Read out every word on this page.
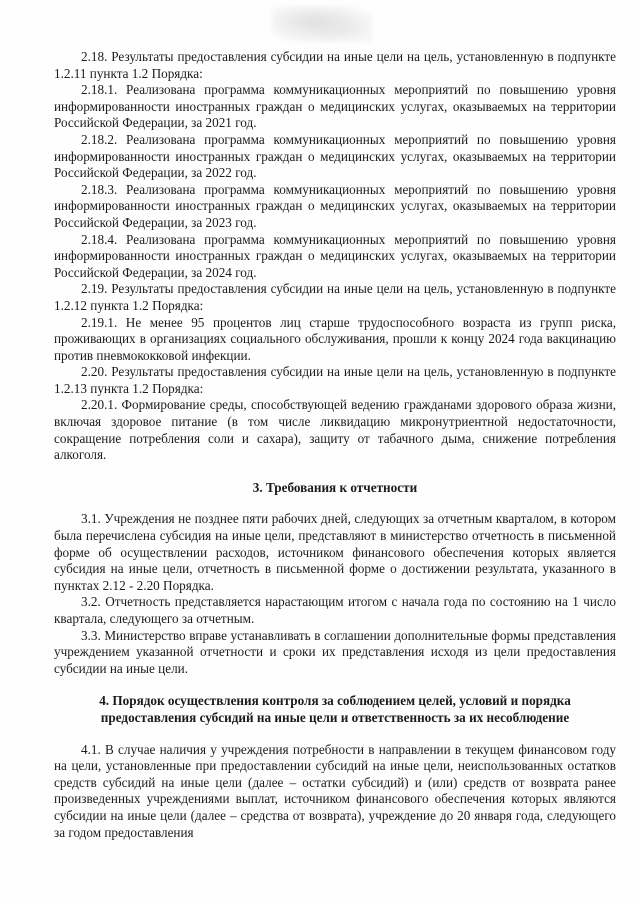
2.18. Результаты предоставления субсидии на иные цели на цель, установленную в подпункте 1.2.11 пункта 1.2 Порядка:

2.18.1. Реализована программа коммуникационных мероприятий по повышению уровня информированности иностранных граждан о медицинских услугах, оказываемых на территории Российской Федерации, за 2021 год.

2.18.2. Реализована программа коммуникационных мероприятий по повышению уровня информированности иностранных граждан о медицинских услугах, оказываемых на территории Российской Федерации, за 2022 год.

2.18.3. Реализована программа коммуникационных мероприятий по повышению уровня информированности иностранных граждан о медицинских услугах, оказываемых на территории Российской Федерации, за 2023 год.

2.18.4. Реализована программа коммуникационных мероприятий по повышению уровня информированности иностранных граждан о медицинских услугах, оказываемых на территории Российской Федерации, за 2024 год.

2.19. Результаты предоставления субсидии на иные цели на цель, установленную в подпункте 1.2.12 пункта 1.2 Порядка:

2.19.1. Не менее 95 процентов лиц старше трудоспособного возраста из групп риска, проживающих в организациях социального обслуживания, прошли к концу 2024 года вакцинацию против пневмококковой инфекции.

2.20. Результаты предоставления субсидии на иные цели на цель, установленную в подпункте 1.2.13 пункта 1.2 Порядка:

2.20.1. Формирование среды, способствующей ведению гражданами здорового образа жизни, включая здоровое питание (в том числе ликвидацию микронутриентной недостаточности, сокращение потребления соли и сахара), защиту от табачного дыма, снижение потребления алкоголя.

3. Требования к отчетности

3.1. Учреждения не позднее пяти рабочих дней, следующих за отчетным кварталом, в котором была перечислена субсидия на иные цели, представляют в министерство отчетность в письменной форме об осуществлении расходов, источником финансового обеспечения которых является субсидия на иные цели, отчетность в письменной форме о достижении результата, указанного в пунктах 2.12 - 2.20 Порядка.

3.2. Отчетность представляется нарастающим итогом с начала года по состоянию на 1 число квартала, следующего за отчетным.

3.3. Министерство вправе устанавливать в соглашении дополнительные формы представления учреждением указанной отчетности и сроки их представления исходя из цели предоставления субсидии на иные цели.

4. Порядок осуществления контроля за соблюдением целей, условий и порядка предоставления субсидий на иные цели и ответственность за их несоблюдение

4.1. В случае наличия у учреждения потребности в направлении в текущем финансовом году на цели, установленные при предоставлении субсидий на иные цели, неиспользованных остатков средств субсидий на иные цели (далее – остатки субсидий) и (или) средств от возврата ранее произведенных учреждениями выплат, источником финансового обеспечения которых являются субсидии на иные цели (далее – средства от возврата), учреждение до 20 января года, следующего за годом предоставления
